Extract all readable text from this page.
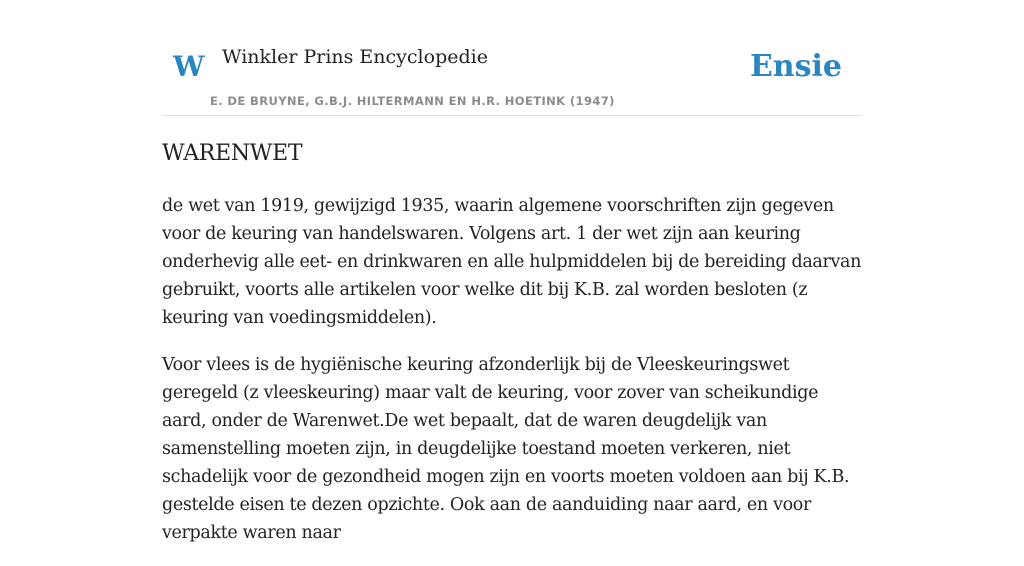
W Winkler Prins Encyclopedie
E. DE BRUYNE, G.B.J. HILTERMANN EN H.R. HOETINK (1947)
Ensie
WARENWET

de wet van 1919, gewijzigd 1935, waarin algemene voorschriften zijn gegeven voor de keuring van handelswaren. Volgens art. 1 der wet zijn aan keuring onderhevig alle eet- en drinkwaren en alle hulpmiddelen bij de bereiding daarvan gebruikt, voorts alle artikelen voor welke dit bij K.B. zal worden besloten (z keuring van voedingsmiddelen).

Voor vlees is de hygiënische keuring afzonderlijk bij de Vleeskeuringswet geregeld (z vleeskeuring) maar valt de keuring, voor zover van scheikundige aard, onder de Warenwet.De wet bepaalt, dat de waren deugdelijk van samenstelling moeten zijn, in deugdelijke toestand moeten verkeren, niet schadelijk voor de gezondheid mogen zijn en voorts moeten voldoen aan bij K.B. gestelde eisen te dezen opzichte. Ook aan de aanduiding naar aard, en voor verpakte waren naar
